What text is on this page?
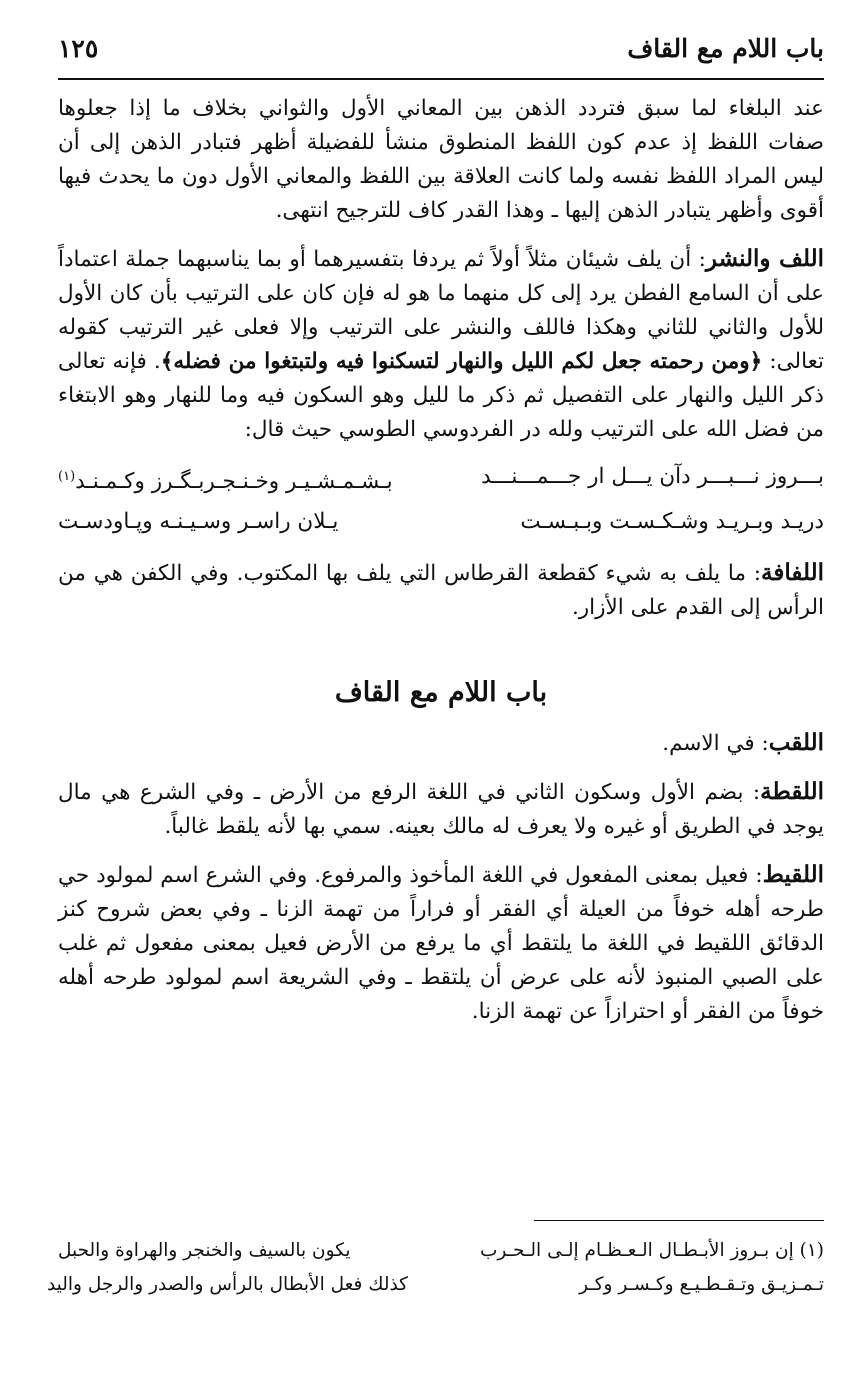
باب اللام مع القاف
١٢٥

عند البلغاء لما سبق فتردد الذهن بين المعاني الأول والثواني بخلاف ما إذا جعلوها صفات اللفظ إذ عدم كون اللفظ المنطوق منشأ للفضيلة أظهر فتبادر الذهن إلى أن ليس المراد اللفظ نفسه ولما كانت العلاقة بين اللفظ والمعاني الأول دون ما يحدث فيها أقوى وأظهر يتبادر الذهن إليها ـ وهذا القدر كاف للترجيح انتهى.

اللف والنشر: أن يلف شيئان مثلاً أولاً ثم يردفا بتفسيرهما أو بما يناسبهما جملة اعتماداً على أن السامع الفطن يرد إلى كل منهما ما هو له فإن كان على الترتيب بأن كان الأول للأول والثاني للثاني وهكذا فاللف والنشر على الترتيب وإلا فعلى غير الترتيب كقوله تعالى: ﴿ومن رحمته جعل لكم الليل والنهار لتسكنوا فيه ولتبتغوا من فضله﴾. فإنه تعالى ذكر الليل والنهار على التفصيل ثم ذكر ما لليل وهو السكون فيه وما للنهار وهو الابتغاء من فضل الله على الترتيب ولله در الفردوسي الطوسي حيث قال:

بـــروز نـــبـــر دآن يـــل ار جـــمـــنـــد
بـشـمـشـيـر وخـنـجـربـگـرز وكـمـنـد$^{(١)}$
دريـد وبـريـد وشـكـسـت وبـبـسـت
يـلان راسـر وسـيـنـه وپـاودسـت

اللفافة: ما يلف به شيء كقطعة القرطاس التي يلف بها المكتوب. وفي الكفن هي من الرأس إلى القدم على الأزار.

باب اللام مع القاف

اللقب: في الاسم.

اللقطة: بضم الأول وسكون الثاني في اللغة الرفع من الأرض ـ وفي الشرع هي مال يوجد في الطريق أو غيره ولا يعرف له مالك بعينه. سمي بها لأنه يلقط غالباً.

اللقيط: فعيل بمعنى المفعول في اللغة المأخوذ والمرفوع. وفي الشرع اسم لمولود حي طرحه أهله خوفاً من العيلة أي الفقر أو فراراً من تهمة الزنا ـ وفي بعض شروح كنز الدقائق اللقيط في اللغة ما يلتقط أي ما يرفع من الأرض فعيل بمعنى مفعول ثم غلب على الصبي المنبوذ لأنه على عرض أن يلتقط ـ وفي الشريعة اسم لمولود طرحه أهله خوفاً من الفقر أو احترازاً عن تهمة الزنا.

(١) إن بـروز الأبـطـال الـعـظـام إلـى الـحـرب
يكون بالسيف والخنجر والهراوة والحبل
تـمـزيـق وتـقـطـيـع وكـسـر وكـر
كذلك فعل الأبطال بالرأس والصدر والرجل واليد
